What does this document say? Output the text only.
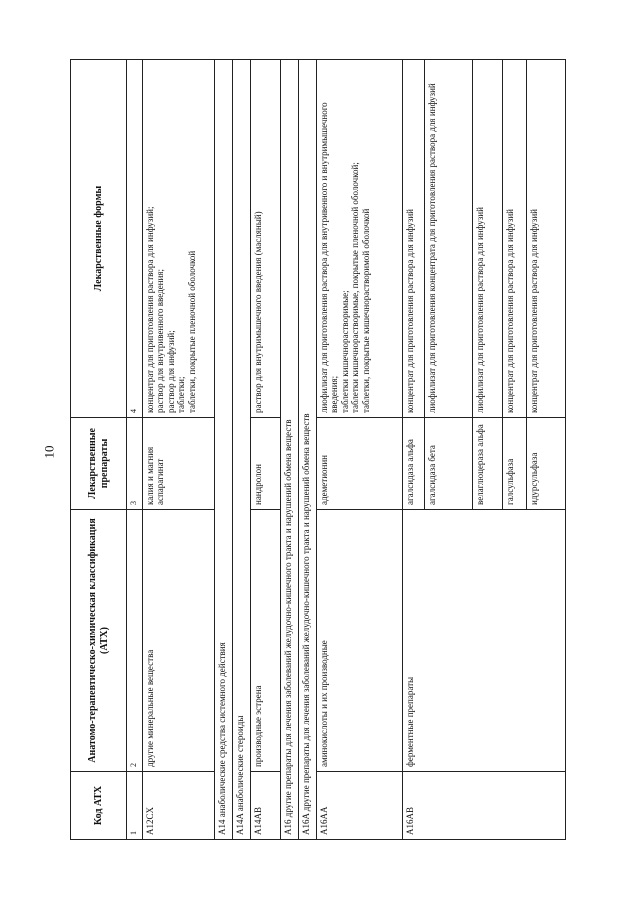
10
Код АТХ	Анатомо-терапевтическо-химическая классификация (АТХ)	Лекарственные препараты	Лекарственные формы
1	2	3	4
A12CX	другие минеральные вещества	калия и магния аспарагинат	концентрат для приготовления раствора для инфузий; раствор для внутривенного введения; раствор для инфузий; таблетки; таблетки, покрытые пленочной оболочкой

A14 анаболические средства системного действия			
A14A анаболические стероиды			
A14AB	производные эстрена	нандролон	раствор для внутримышечного введения (масляный)
A16 другие препараты для лечения заболеваний желудочно-кишечного тракта и нарушений обмена веществ			
A16A другие препараты для лечения заболеваний желудочно-кишечного тракта и нарушений обмена веществ			
A16AA	аминокислоты и их производные	адеметионин	лиофилизат для приготовления раствора для внутривенного и внутримышечного введения; таблетки кишечнорастворимые; таблетки кишечнорастворимые, покрытые пленочной оболочкой; таблетки, покрытые кишечнорастворимой оболочкой

A16AB	ферментные препараты	агалсидаза альфа	концентрат для приготовления раствора для инфузий
		агалсидаза бета	лиофилизат для приготовления концентрата для приготовления раствора для инфузий
		велаглюцераза альфа	лиофилизат для приготовления раствора для инфузий
		галсульфаза	концентрат для приготовления раствора для инфузий
		идурсульфаза	концентрат для приготовления раствора для инфузий
